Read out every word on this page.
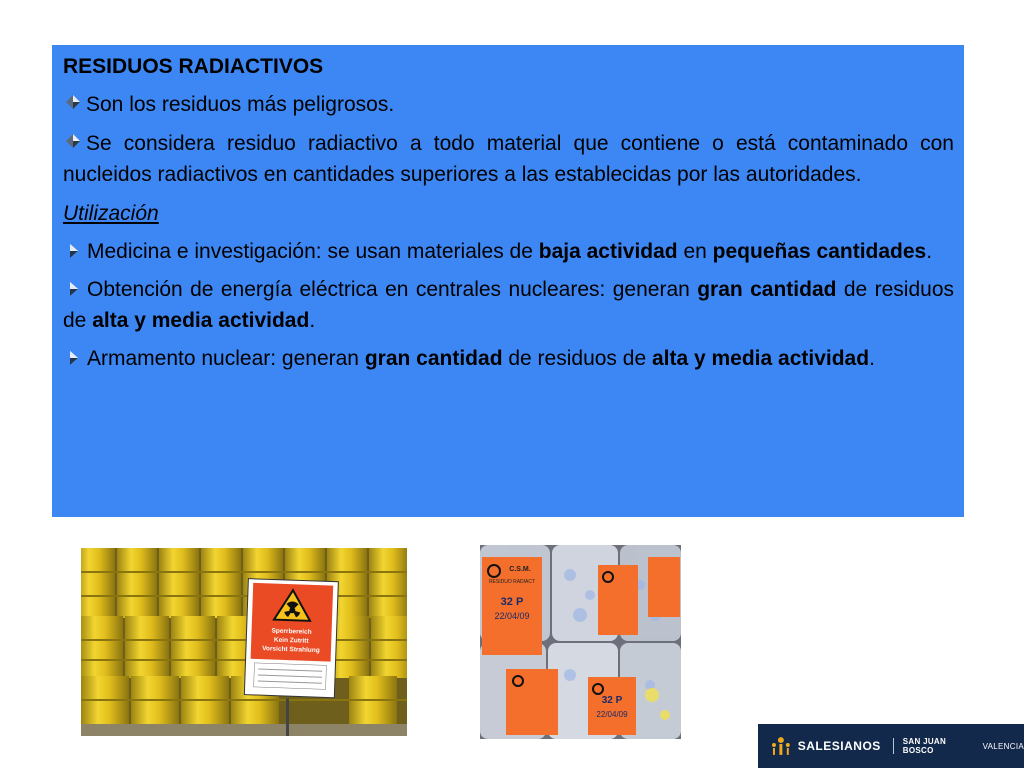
RESIDUOS RADIACTIVOS
Son los residuos más peligrosos.
Se considera residuo radiactivo a todo material que contiene o está contaminado con nucleidos radiactivos en cantidades superiores a las establecidas por las autoridades.
Utilización
Medicina e investigación: se usan materiales de baja actividad en pequeñas cantidades.
Obtención de energía eléctrica en centrales nucleares: generan gran cantidad de residuos de alta y media actividad.
Armamento nuclear: generan gran cantidad de residuos de alta y media actividad.
Sperrbereich
Kein Zutritt
Vorsicht Strahlung
C.S.M.
RESIDUO RADIACT
32 P
22/04/09
32 P
22/04/09
SALESIANOS	SAN JUAN BOSCO	VALENCIA
